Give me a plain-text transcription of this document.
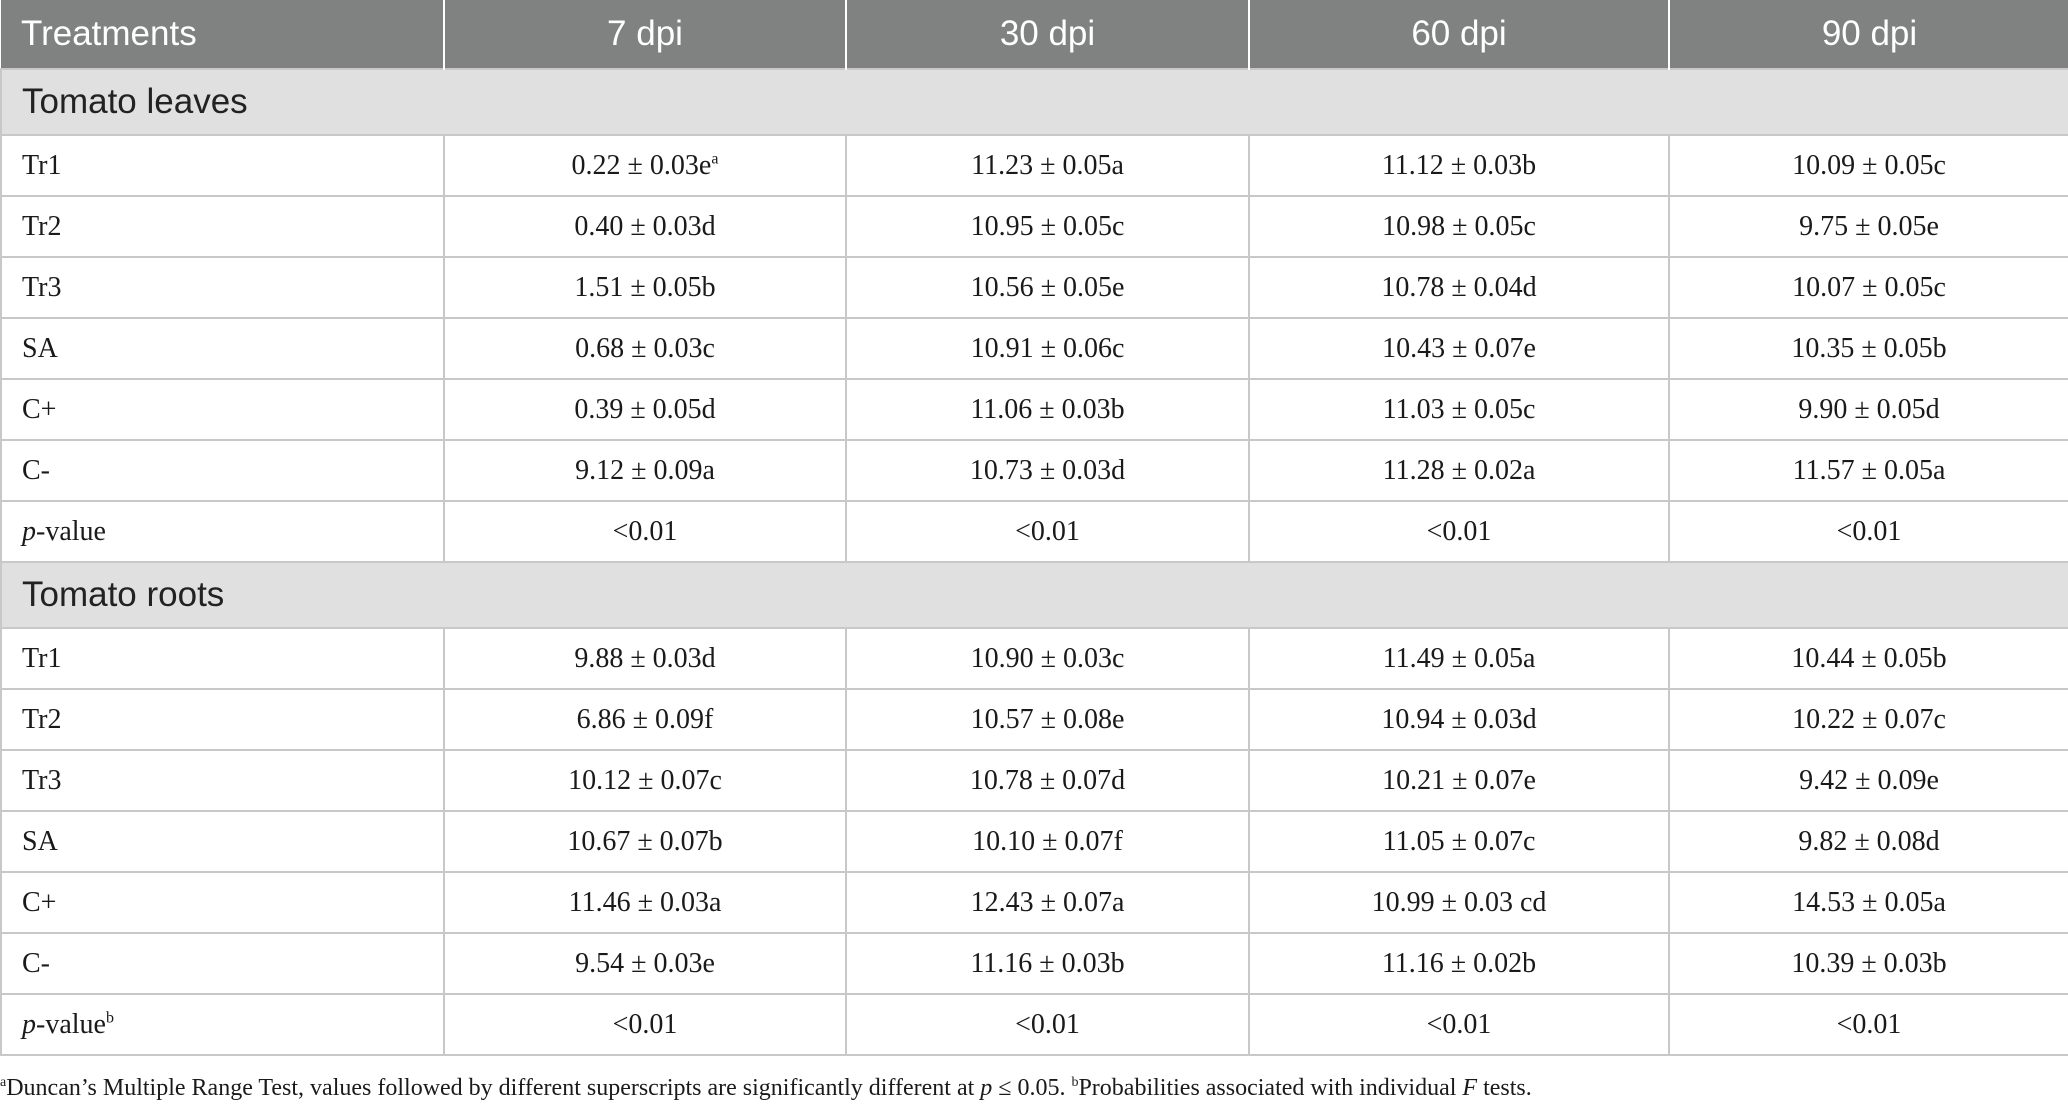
Treatments	7 dpi	30 dpi	60 dpi	90 dpi
Tomato leaves				
Tr1	$0.22 \pm 0.03e^a$	11.23 ± 0.05a	11.12 ± 0.03b	10.09 ± 0.05c
Tr2	0.40 ± 0.03d	10.95 ± 0.05c	10.98 ± 0.05c	9.75 ± 0.05e
Tr3	1.51 ± 0.05b	10.56 ± 0.05e	10.78 ± 0.04d	10.07 ± 0.05c
SA	0.68 ± 0.03c	10.91 ± 0.06c	10.43 ± 0.07e	10.35 ± 0.05b
C+	0.39 ± 0.05d	11.06 ± 0.03b	11.03 ± 0.05c	9.90 ± 0.05d
C-	9.12 ± 0.09a	10.73 ± 0.03d	11.28 ± 0.02a	11.57 ± 0.05a
p-value	<0.01	<0.01	<0.01	<0.01
Tomato roots				
Tr1	9.88 ± 0.03d	10.90 ± 0.03c	11.49 ± 0.05a	10.44 ± 0.05b
Tr2	6.86 ± 0.09f	10.57 ± 0.08e	10.94 ± 0.03d	10.22 ± 0.07c
Tr3	10.12 ± 0.07c	10.78 ± 0.07d	10.21 ± 0.07e	9.42 ± 0.09e
SA	10.67 ± 0.07b	10.10 ± 0.07f	11.05 ± 0.07c	9.82 ± 0.08d
C+	11.46 ± 0.03a	12.43 ± 0.07a	10.99 ± 0.03 cd	14.53 ± 0.05a
C-	9.54 ± 0.03e	11.16 ± 0.03b	11.16 ± 0.02b	10.39 ± 0.03b
p-value$^b$	<0.01	<0.01	<0.01	<0.01
$^a$Duncan’s Multiple Range Test, values followed by different superscripts are significantly different at p ≤ 0.05. $^b$Probabilities associated with individual F tests.
